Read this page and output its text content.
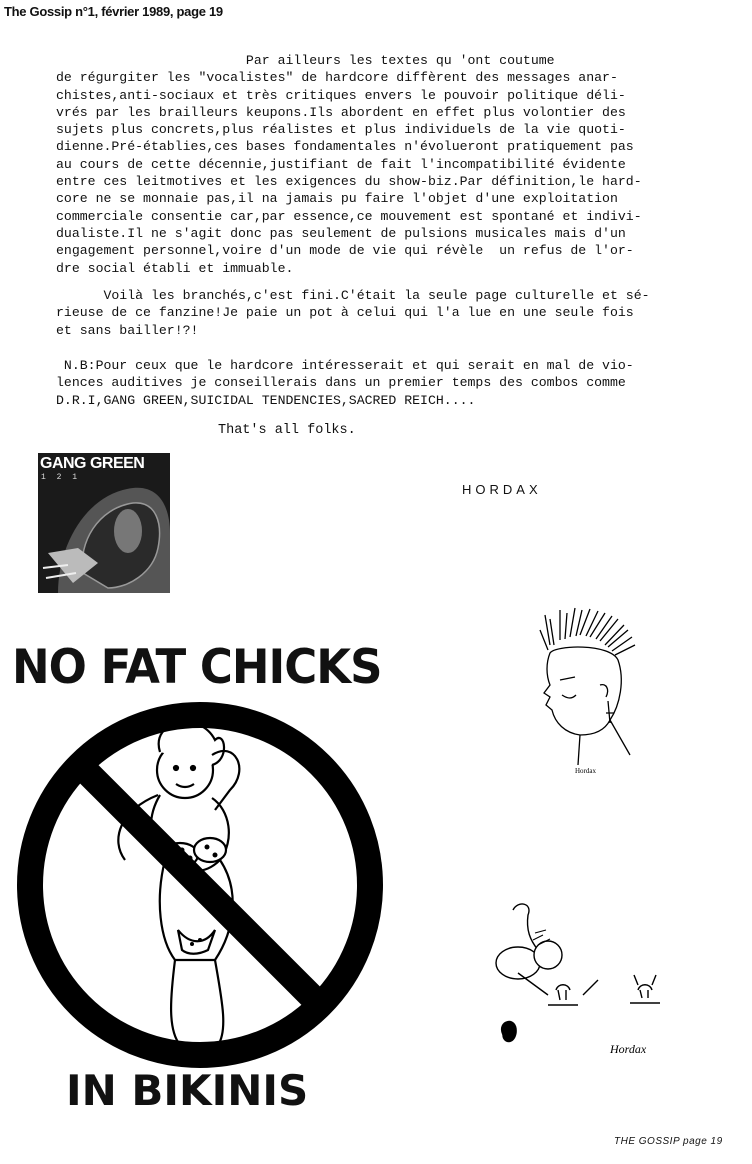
The Gossip n°1, février 1989, page 19
Par ailleurs les textes qu 'ont coutume
de régurgiter les "vocalistes" de hardcore diffèrent des messages anar-
chistes,anti-sociaux et très critiques envers le pouvoir politique déli-
vrés par les brailleurs keupons.Ils abordent en effet plus volontier des
sujets plus concrets,plus réalistes et plus individuels de la vie quoti-
dienne.Pré-établies,ces bases fondamentales n'évolueront pratiquement pas
au cours de cette décennie,justifiant de fait l'incompatibilité évidente
entre ces leitmotives et les exigences du show-biz.Par définition,le hard-
core ne se monnaie pas,il na jamais pu faire l'objet d'une exploitation
commerciale consentie car,par essence,ce mouvement est spontané et indivi-
dualiste.Il ne s'agit donc pas seulement de pulsions musicales mais d'un
engagement personnel,voire d'un mode de vie qui révèle  un refus de l'or-
dre social établi et immuable.
Voilà les branchés,c'est fini.C'était la seule page culturelle et sé-
rieuse de ce fanzine!Je paie un pot à celui qui l'a lue en une seule fois
et sans bailler!?!
N.B:Pour ceux que le hardcore intéresserait et qui serait en mal de vio-
lences auditives je conseillerais dans un premier temps des combos comme
D.R.I,GANG GREEN,SUICIDAL TENDENCIES,SACRED REICH....
That's all folks.
GANG GREEN
1 2 1
HORDAX
NO FAT CHICKS
IN BIKINIS
Hordax
Hordax
THE GOSSIP page 19
